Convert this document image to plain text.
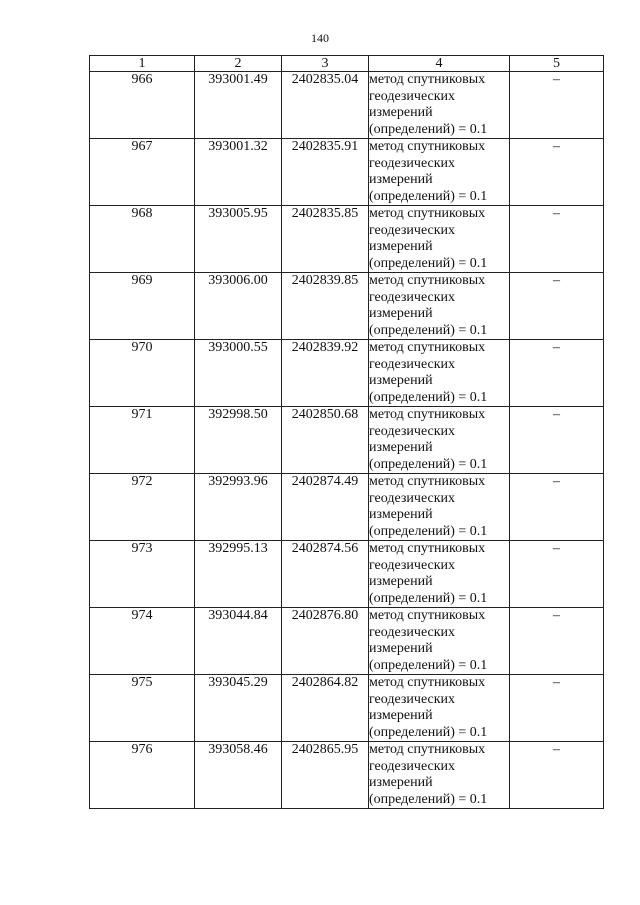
140
1	2	3	4	5
966	393001.49	2402835.04	метод спутниковых геодезических измерений (определений) = 0.1	–
967	393001.32	2402835.91	метод спутниковых геодезических измерений (определений) = 0.1	–
968	393005.95	2402835.85	метод спутниковых геодезических измерений (определений) = 0.1	–
969	393006.00	2402839.85	метод спутниковых геодезических измерений (определений) = 0.1	–
970	393000.55	2402839.92	метод спутниковых геодезических измерений (определений) = 0.1	–
971	392998.50	2402850.68	метод спутниковых геодезических измерений (определений) = 0.1	–
972	392993.96	2402874.49	метод спутниковых геодезических измерений (определений) = 0.1	–
973	392995.13	2402874.56	метод спутниковых геодезических измерений (определений) = 0.1	–
974	393044.84	2402876.80	метод спутниковых геодезических измерений (определений) = 0.1	–
975	393045.29	2402864.82	метод спутниковых геодезических измерений (определений) = 0.1	–
976	393058.46	2402865.95	метод спутниковых геодезических измерений (определений) = 0.1	–
